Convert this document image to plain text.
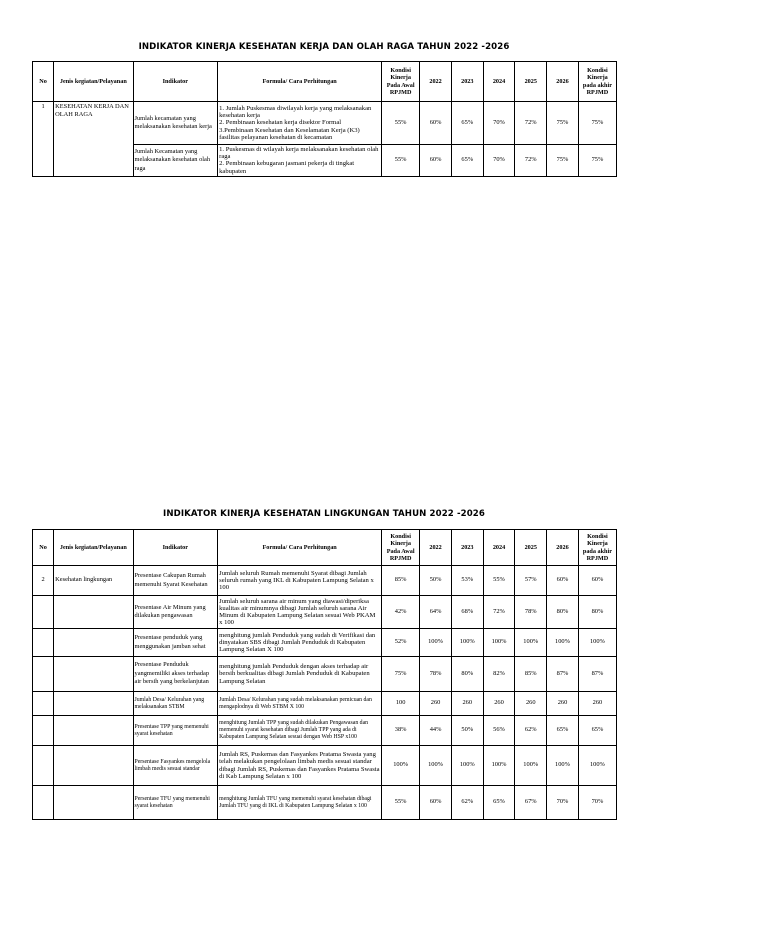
INDIKATOR KINERJA KESEHATAN KERJA DAN OLAH RAGA TAHUN 2022 -2026
No	Jenis kegiatan/Pelayanan	Indikator	Formula/ Cara Perhitungan	Kondisi Kinerja Pada Awal RPJMD	2022	2023	2024	2025	2026	Kondisi Kinerja pada akhir RPJMD
1	KESEHATAN KERJA DAN OLAH RAGA	Jumlah kecamatan yang melaksanakan kesehatan kerja	1. Jumlah Puskesmas diwilayah kerja yang melaksanakan kesehatan kerja
2. Pembinaan kesehatan kerja disektor Formal
3.Pembinaan Kesehatan dan Keselamatan Kerja (K3) fasilitas pelayanan kesehatan di kecamatan	55%	60%	65%	70%	72%	75%	75%
		Jumlah Kecamatan yang melaksanakan kesehatan olah raga	1. Puskesmas di wilayah kerja melaksanakan kesehatan olah raga
2. Pembinaan kebugaran jasmani pekerja di tingkat kabupaten	55%	60%	65%	70%	72%	75%	75%
INDIKATOR KINERJA KESEHATAN LINGKUNGAN TAHUN 2022 -2026
No	Jenis kegiatan/Pelayanan	Indikator	Formula/ Cara Perhitungan	Kondisi Kinerja Pada Awal RPJMD	2022	2023	2024	2025	2026	Kondisi Kinerja pada akhir RPJMD
2	Kesehatan lingkungan	Presentase Cakupan Rumah memenuhi Syarat Kesehatan	Jumlah seluruh Rumah memenuhi Syarat dibagi Jumlah seluruh rumah yang IKL di Kabupaten Lampung Selatan x 100	85%	50%	53%	55%	57%	60%	60%
		Presentase Air Minum yang dilakukan pengawasan	Jumlah seluruh sarana air minum yang diawasi/diperiksa kualitas air minumnya dibagi Jumlah seluruh sarana Air Minum di Kabupaten Lampung Selatan sesuai Web PKAM x 100	42%	64%	68%	72%	78%	80%	80%
		Presentase penduduk yang menggunakan jamban sehat	menghitung jumlah Penduduk yang sudah di Verifikasi dan dinyatakan SBS dibagi Jumlah Penduduk di Kabupaten Lampung Selatan X 100	52%	100%	100%	100%	100%	100%	100%
		Presentase Penduduk yangmemiliki akses terhadap air bersih yang berkelanjutan	menghitung jumlah Penduduk dengan akses terhadap air bersih berkualitas dibagi Jumlah Penduduk di Kabupaten Lampung Selatan	75%	78%	80%	82%	85%	87%	87%
		Jumlah Desa/ Kelurahan yang melaksanakan STBM	Jumlah Desa/ Kelurahan yang sudah melaksanakan pemicuan dan mengaplodnya di Web STBM X 100	100	260	260	260	260	260	260
		Presentase TPP yang memenuhi syarat kesehatan	menghitung Jumlah TPP yang sudah dilakukan Pengawasan dan memenuhi syarat kesehatan dibagi Jumlah TPP yang ada di Kabupaten Lampung Selatan sesuai dengan Web HSP x100	38%	44%	50%	56%	62%	65%	65%
		Persentase Fasyankes mengelola limbah medis sesuai standar	Jumlah RS, Puskemas dan Fasyankes Pratama Swasta yang telah melakukan pengelolaan limbah medis sesuai standar dibagi Jumlah RS, Puskemas dan Fasyankes Pratama Swasta di Kab Lampung Selatan x 100	100%	100%	100%	100%	100%	100%	100%
		Persentase TFU yang memenuhi syarat kesehatan	menghitung Jumlah TFU yang memenuhi syarat kesehatan dibagi Jumlah TFU yang di IKL di Kabupaten Lampung Selatan x 100	55%	60%	62%	65%	67%	70%	70%
